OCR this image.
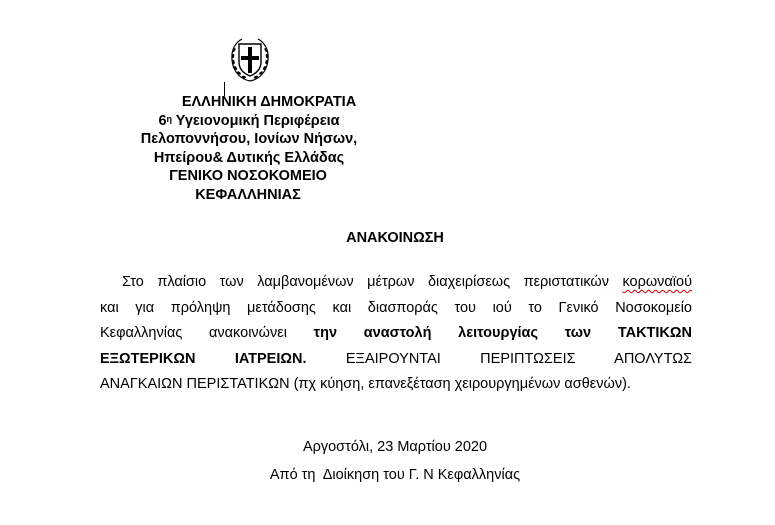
ΕΛΛΗΝΙΚΗ ΔΗΜΟΚΡΑΤΙΑ
$6^\eta$ Υγειονομική Περιφέρεια
Πελοποννήσου, Ιονίων Νήσων,
Ηπείρου& Δυτικής Ελλάδας
ΓΕΝΙΚΟ ΝΟΣΟΚΟΜΕΙΟ
ΚΕΦΑΛΛΗΝΙΑΣ
ΑΝΑΚΟΙΝΩΣΗ
Στο πλαίσιο των λαμβανομένων μέτρων διαχειρίσεως περιστατικών κορωναϊού
και για πρόληψη μετάδοσης και διασποράς του ιού το Γενικό Νοσοκομείο
Κεφαλληνίας ανακοινώνει την αναστολή λειτουργίας των ΤΑΚΤΙΚΩΝ
ΕΞΩΤΕΡΙΚΩΝ ΙΑΤΡΕΙΩΝ. ΕΞΑΙΡΟΥΝΤΑΙ ΠΕΡΙΠΤΩΣΕΙΣ ΑΠΟΛΥΤΩΣ
ΑΝΑΓΚΑΙΩΝ ΠΕΡΙΣΤΑΤΙΚΩΝ (πχ κύηση, επανεξέταση χειρουργημένων ασθενών).
Αργοστόλι, 23 Μαρτίου 2020
Από τη  Διοίκηση του Γ. Ν Κεφαλληνίας
